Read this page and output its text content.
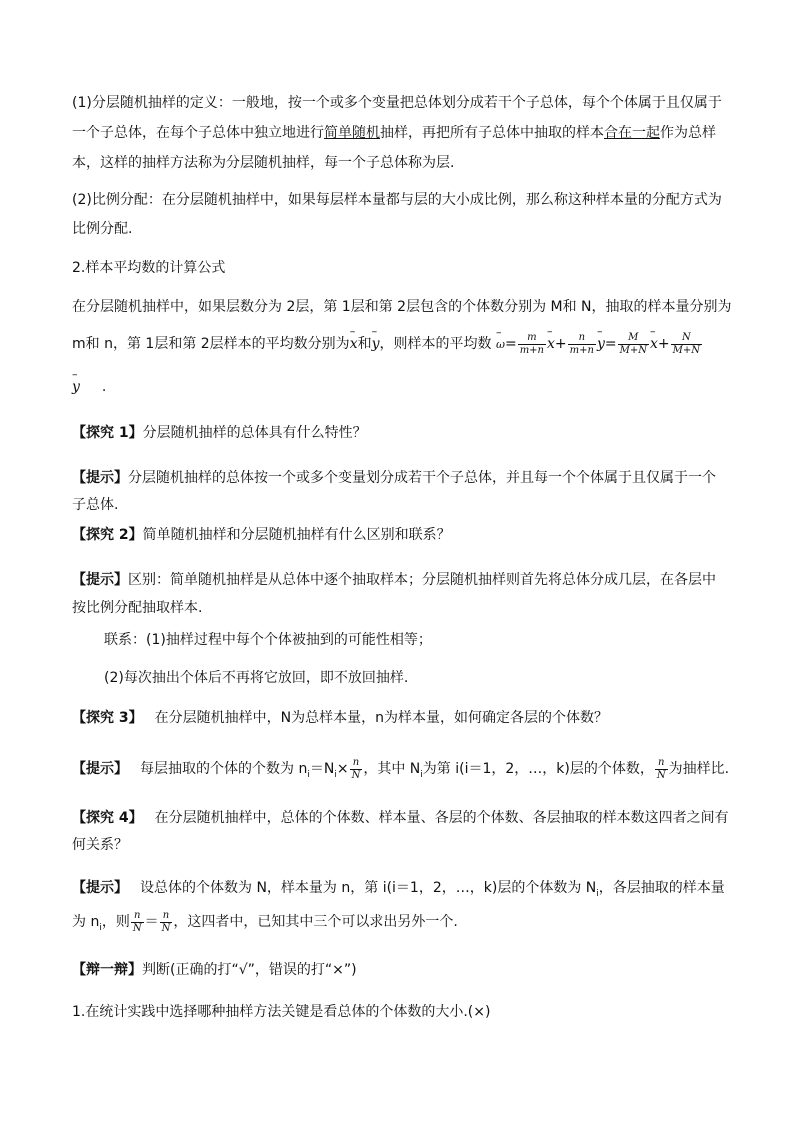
(1)分层随机抽样的定义：一般地，按一个或多个变量把总体划分成若干个子总体，每个个体属于且仅属于
一个子总体，在每个子总体中独立地进行简单随机抽样，再把所有子总体中抽取的样本合在一起作为总样
本，这样的抽样方法称为分层随机抽样，每一个子总体称为层.
(2)比例分配：在分层随机抽样中，如果每层样本量都与层的大小成比例，那么称这种样本量的分配方式为
比例分配.
2.样本平均数的计算公式
在分层随机抽样中，如果层数分为 2层，第 1层和第 2层包含的个体数分别为 M和 N，抽取的样本量分别为
m和 n，第 1层和第 2层样本的平均数分别为– x和– y，则样本的平均数 – $\omega= \frac{m}{m+n}$
– $x+ \frac{n}{m+n}$
– $y= \frac{M}{M+N}$
– $x+ \frac{N}{M+N}$
– y .
【探究 1】分层随机抽样的总体具有什么特性？
【提示】分层随机抽样的总体按一个或多个变量划分成若干个子总体，并且每一个个体属于且仅属于一个
子总体.
【探究 2】简单随机抽样和分层随机抽样有什么区别和联系？
【提示】区别：简单随机抽样是从总体中逐个抽取样本；分层随机抽样则首先将总体分成几层，在各层中
按比例分配抽取样本.
联系：(1)抽样过程中每个个体被抽到的可能性相等；
(2)每次抽出个体后不再将它放回，即不放回抽样.
【探究 3】 在分层随机抽样中，N为总样本量，n为样本量，如何确定各层的个体数？
【提示】 每层抽取的个体的个数为 $n_i=N_i\times \frac{n}{N}$ ，其中 $N_i$为第 i(i＝1，2，…，k)层的个体数， $\frac{n}{N}$ 为抽样比.
【探究 4】 在分层随机抽样中，总体的个体数、样本量、各层的个体数、各层抽取的样本数这四者之间有
何关系？
【提示】 设总体的个体数为 N，样本量为 n，第 i(i＝1，2，…，k)层的个体数为 $N_i$，各层抽取的样本量
为 $n_i$，则 $\frac{n}{N} = \frac{n}{N}$ ，这四者中，已知其中三个可以求出另外一个.
【辩一辩】判断(正确的打“√”，错误的打“×”)
1.在统计实践中选择哪种抽样方法关键是看总体的个体数的大小.(×)
